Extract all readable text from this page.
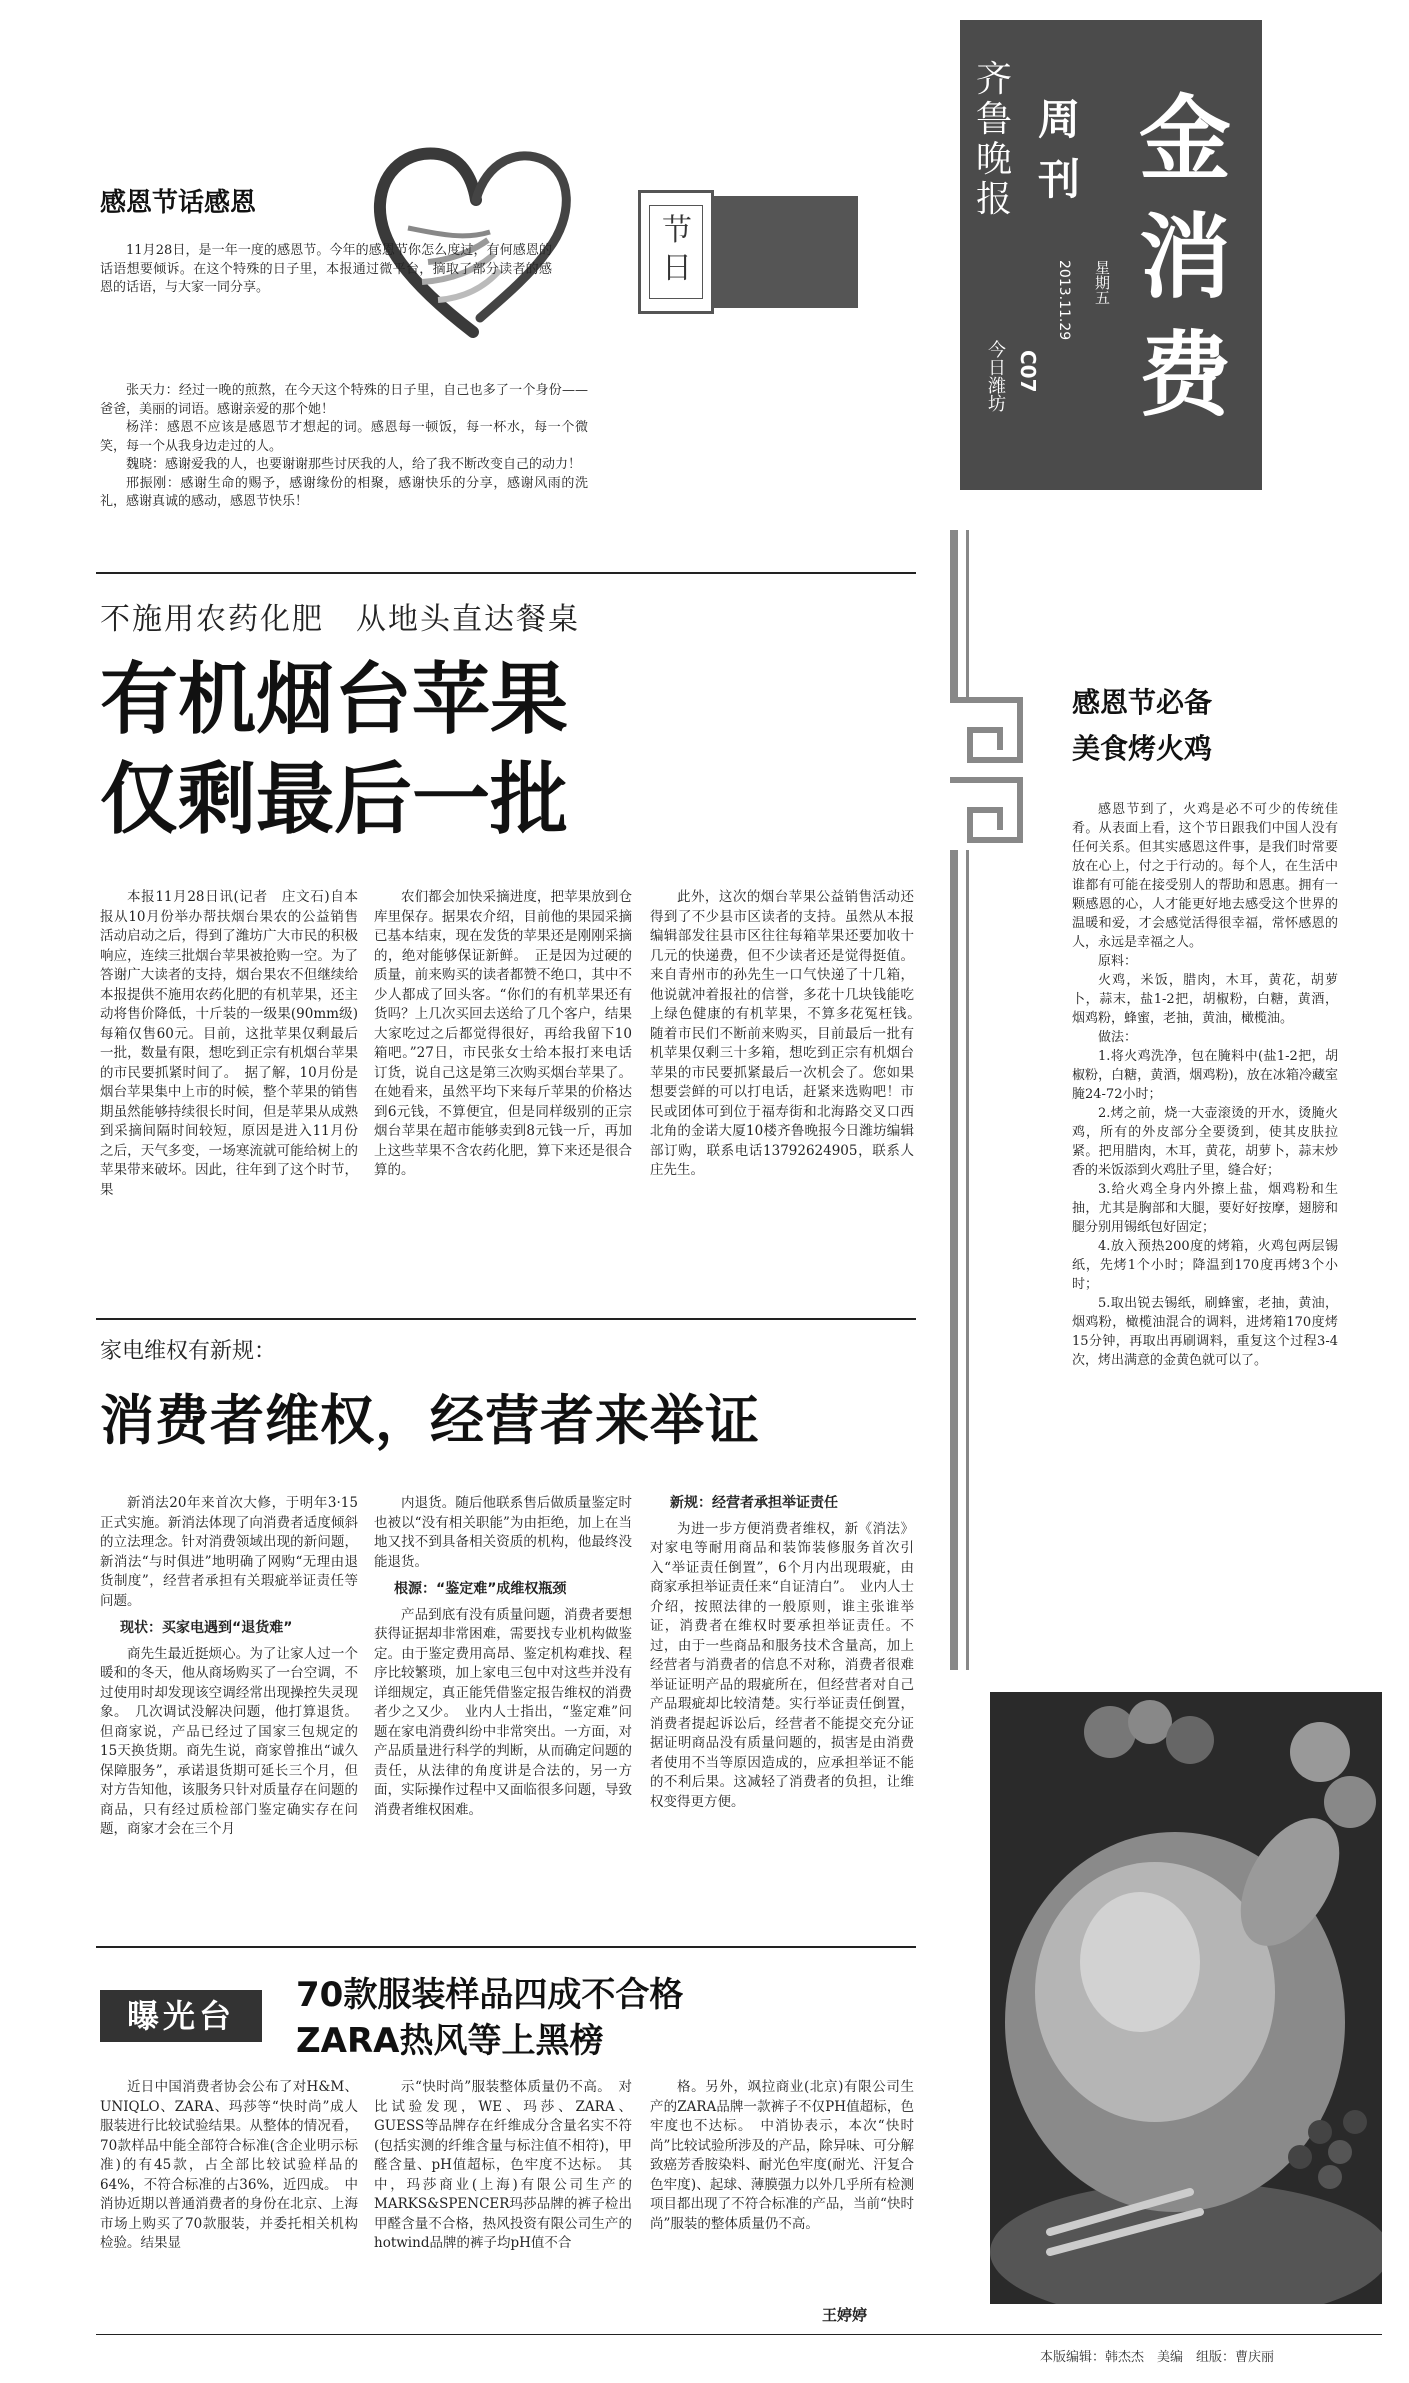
齐鲁晚报
周刊
今日潍坊 C07
2013.11.29 星期五
金消费
节日
感恩节话感恩

11月28日，是一年一度的感恩节。今年的感恩节你怎么度过，有何感恩的话语想要倾诉。在这个特殊的日子里，本报通过微平台，摘取了部分读者的感恩的话语，与大家一同分享。

张天力：经过一晚的煎熬，在今天这个特殊的日子里，自己也多了一个身份——爸爸，美丽的词语。感谢亲爱的那个她！

杨洋：感恩不应该是感恩节才想起的词。感恩每一顿饭，每一杯水，每一个微笑，每一个从我身边走过的人。

魏晓：感谢爱我的人，也要谢谢那些讨厌我的人，给了我不断改变自己的动力！

邢振刚：感谢生命的赐予，感谢缘份的相聚，感谢快乐的分享，感谢风雨的洗礼，感谢真诚的感动，感恩节快乐！

不施用农药化肥　从地头直达餐桌
有机烟台苹果
仅剩最后一批

本报11月28日讯(记者　庄文石)自本报从10月份举办帮扶烟台果农的公益销售活动启动之后，得到了潍坊广大市民的积极响应，连续三批烟台苹果被抢购一空。为了答谢广大读者的支持，烟台果农不但继续给本报提供不施用农药化肥的有机苹果，还主动将售价降低，十斤装的一级果(90mm级)每箱仅售60元。目前，这批苹果仅剩最后一批，数量有限，想吃到正宗有机烟台苹果的市民要抓紧时间了。　据了解，10月份是烟台苹果集中上市的时候，整个苹果的销售期虽然能够持续很长时间，但是苹果从成熟到采摘间隔时间较短，原因是进入11月份之后，天气多变，一场寒流就可能给树上的苹果带来破坏。因此，往年到了这个时节，果

农们都会加快采摘进度，把苹果放到仓库里保存。据果农介绍，目前他的果园采摘已基本结束，现在发货的苹果还是刚刚采摘的，绝对能够保证新鲜。　正是因为过硬的质量，前来购买的读者都赞不绝口，其中不少人都成了回头客。“你们的有机苹果还有货吗？上几次买回去送给了几个客户，结果大家吃过之后都觉得很好，再给我留下10箱吧。”27日，市民张女士给本报打来电话订货，说自己这是第三次购买烟台苹果了。在她看来，虽然平均下来每斤苹果的价格达到6元钱，不算便宜，但是同样级别的正宗烟台苹果在超市能够卖到8元钱一斤，再加上这些苹果不含农药化肥，算下来还是很合算的。

此外，这次的烟台苹果公益销售活动还得到了不少县市区读者的支持。虽然从本报编辑部发往县市区往往每箱苹果还要加收十几元的快递费，但不少读者还是觉得挺值。来自青州市的孙先生一口气快递了十几箱，他说就冲着报社的信誉，多花十几块钱能吃上绿色健康的有机苹果，不算多花冤枉钱。　随着市民们不断前来购买，目前最后一批有机苹果仅剩三十多箱，想吃到正宗有机烟台苹果的市民要抓紧最后一次机会了。您如果想要尝鲜的可以打电话，赶紧来选购吧！市民或团体可到位于福寿街和北海路交叉口西北角的金诺大厦10楼齐鲁晚报今日潍坊编辑部订购，联系电话13792624905，联系人庄先生。

感恩节必备
美食烤火鸡

感恩节到了，火鸡是必不可少的传统佳肴。从表面上看，这个节日跟我们中国人没有任何关系。但其实感恩这件事，是我们时常要放在心上，付之于行动的。每个人，在生活中谁都有可能在接受别人的帮助和恩惠。拥有一颗感恩的心，人才能更好地去感受这个世界的温暖和爱，才会感觉活得很幸福，常怀感恩的人，永远是幸福之人。

原料：

火鸡，米饭，腊肉，木耳，黄花，胡萝卜，蒜末，盐1-2把，胡椒粉，白糖，黄酒，烟鸡粉，蜂蜜，老抽，黄油，橄榄油。

做法：

1.将火鸡洗净，包在腌料中(盐1-2把，胡椒粉，白糖，黄酒，烟鸡粉)，放在冰箱冷藏室腌24-72小时；

2.烤之前，烧一大壶滚烫的开水，烫腌火鸡，所有的外皮部分全要烫到，使其皮肤拉紧。把用腊肉，木耳，黄花，胡萝卜，蒜末炒香的米饭添到火鸡肚子里，缝合好；

3.给火鸡全身内外擦上盐，烟鸡粉和生抽，尤其是胸部和大腿，要好好按摩，翅膀和腿分别用锡纸包好固定；

4.放入预热200度的烤箱，火鸡包两层锡纸，先烤1个小时；降温到170度再烤3个小时；

5.取出锐去锡纸，刷蜂蜜，老抽，黄油，烟鸡粉，橄榄油混合的调料，进烤箱170度烤15分钟，再取出再刷调料，重复这个过程3-4次，烤出满意的金黄色就可以了。

家电维权有新规：
消费者维权，经营者来举证

新消法20年来首次大修，于明年3·15正式实施。新消法体现了向消费者适度倾斜的立法理念。针对消费领域出现的新问题，新消法“与时俱进”地明确了网购“无理由退货制度”，经营者承担有关瑕疵举证责任等问题。

现状：买家电遇到“退货难”

商先生最近挺烦心。为了让家人过一个暖和的冬天，他从商场购买了一台空调，不过使用时却发现该空调经常出现操控失灵现象。　几次调试没解决问题，他打算退货。但商家说，产品已经过了国家三包规定的15天换货期。商先生说，商家曾推出“诚久保障服务”，承诺退货期可延长三个月，但对方告知他，该服务只针对质量存在问题的商品，只有经过质检部门鉴定确实存在问题，商家才会在三个月

内退货。随后他联系售后做质量鉴定时也被以“没有相关职能”为由拒绝，加上在当地又找不到具备相关资质的机构，他最终没能退货。

根源：“鉴定难”成维权瓶颈

产品到底有没有质量问题，消费者要想获得证据却非常困难，需要找专业机构做鉴定。由于鉴定费用高昂、鉴定机构难找、程序比较繁琐，加上家电三包中对这些并没有详细规定，真正能凭借鉴定报告维权的消费者少之又少。　业内人士指出，“鉴定难”问题在家电消费纠纷中非常突出。一方面，对产品质量进行科学的判断，从而确定问题的责任，从法律的角度讲是合法的，另一方面，实际操作过程中又面临很多问题，导致消费者维权困难。

新规：经营者承担举证责任

为进一步方便消费者维权，新《消法》对家电等耐用商品和装饰装修服务首次引入“举证责任倒置”，6个月内出现瑕疵，由商家承担举证责任来“自证清白”。　业内人士介绍，按照法律的一般原则，谁主张谁举证，消费者在维权时要承担举证责任。不过，由于一些商品和服务技术含量高，加上经营者与消费者的信息不对称，消费者很难举证证明产品的瑕疵所在，但经营者对自己产品瑕疵却比较清楚。实行举证责任倒置，消费者提起诉讼后，经营者不能提交充分证据证明商品没有质量问题的，损害是由消费者使用不当等原因造成的，应承担举证不能的不利后果。这减轻了消费者的负担，让维权变得更方便。

曝光台
70款服装样品四成不合格
ZARA热风等上黑榜

近日中国消费者协会公布了对H&M、UNIQLO、ZARA、玛莎等“快时尚”成人服装进行比较试验结果。从整体的情况看，70款样品中能全部符合标准(含企业明示标准)的有45款，占全部比较试验样品的64%，不符合标准的占36%，近四成。　中消协近期以普通消费者的身份在北京、上海市场上购买了70款服装，并委托相关机构检验。结果显

示“快时尚”服装整体质量仍不高。　对比试验发现，WE、玛莎、ZARA、GUESS等品牌存在纤维成分含量名实不符(包括实测的纤维含量与标注值不相符)，甲醛含量、pH值超标，色牢度不达标。　其中，玛莎商业(上海)有限公司生产的MARKS&SPENCER玛莎品牌的裤子检出甲醛含量不合格，热风投资有限公司生产的hotwind品牌的裤子均pH值不合

格。另外，飒拉商业(北京)有限公司生产的ZARA品牌一款裤子不仅PH值超标，色牢度也不达标。　中消协表示，本次“快时尚”比较试验所涉及的产品，除异味、可分解致癌芳香胺染料、耐光色牢度(耐光、汗复合色牢度)、起球、薄膜强力以外几乎所有检测项目都出现了不符合标准的产品，当前“快时尚”服装的整体质量仍不高。

王婷婷
本版编辑：韩杰杰　美编　组版：曹庆丽
